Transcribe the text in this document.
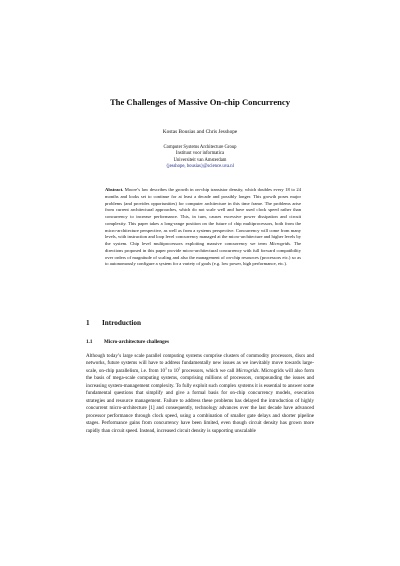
The Challenges of Massive On-chip Concurrency
Kostas Bousias and Chris Jesshope
Computer Systems Architecture Group
Instituut voor informatica
Universiteit van Amsterdam
{jesshope, bousias}@science.uva.nl
Abstract. Moore’s law describes the growth in on-chip transistor density, which doubles every 18 to 24 months and looks set to continue for at least a decade and possibly longer. This growth poses major problems (and provides opportunities) for computer architecture in this time frame. The problems arise from current architectural approaches, which do not scale well and have used clock speed rather than concurrency to increase performance. This, in turn, causes excessive power dissipation and circuit complexity. This paper takes a long-range position on the future of chip multiprocessors, both from the micro-architecture perspective, as well as from a systems perspective. Concurrency will come from many levels, with instruction and loop level concurrency managed at the micro-architecture and higher levels by the system. Chip level multiprocessors exploiting massive concurrency we term Microgrids. The directions proposed in this paper provide micro-architectural concurrency with full forward compatibility over orders of magnitude of scaling and also the management of on-chip resources (processors etc.) so as to autonomously configure a system for a variety of goals (e.g. low power, high performance, etc.).
1 Introduction
1.1 Micro-architecture challenges
Although today’s large scale parallel computing systems comprise clusters of commodity processors, discs and networks, future systems will have to address fundamentally new issues as we inevitably move towards large-scale, on-chip parallelism, i.e. from $10^3$ to $10^5$ processors, which we call Microgrids. Microgrids will also form the basis of mega-scale computing systems, comprising millions of processors, compounding the issues and increasing system-management complexity. To fully exploit such complex systems it is essential to answer some fundamental questions that simplify and give a formal basis for on-chip concurrency models, execution strategies and resource management. Failure to address these problems has delayed the introduction of highly concurrent micro-architecture [1] and consequently, technology advances over the last decade have advanced processor performance through clock speed, using a combination of smaller gate delays and shorter pipeline stages. Performance gains from concurrency have been limited, even though circuit density has grown more rapidly than circuit speed. Instead, increased circuit density is supporting unscalable
